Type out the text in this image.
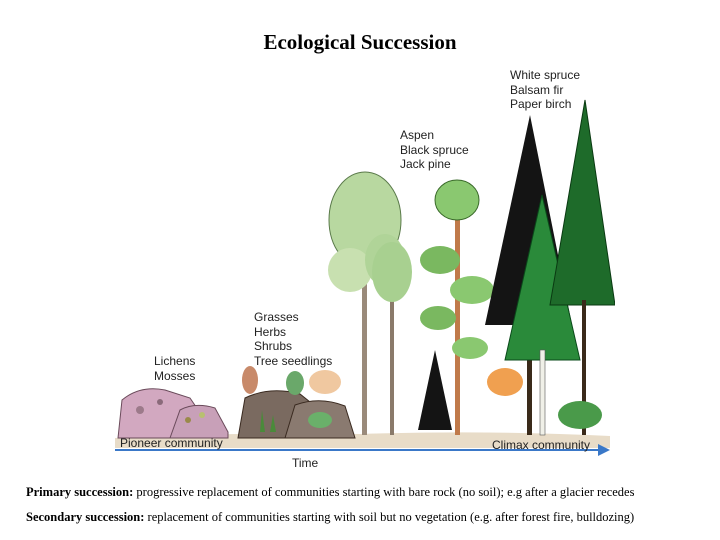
Ecological Succession
White spruce
Balsam fir
Paper birch
Aspen
Black spruce
Jack pine
Grasses
Herbs
Shrubs
Tree seedlings
Lichens
Mosses
Pioneer community	Climax community
Time
Primary succession: progressive replacement of communities starting with bare rock (no soil); e.g after a glacier recedes
Secondary succession: replacement of communities starting with soil but no vegetation (e.g. after forest fire, bulldozing)
